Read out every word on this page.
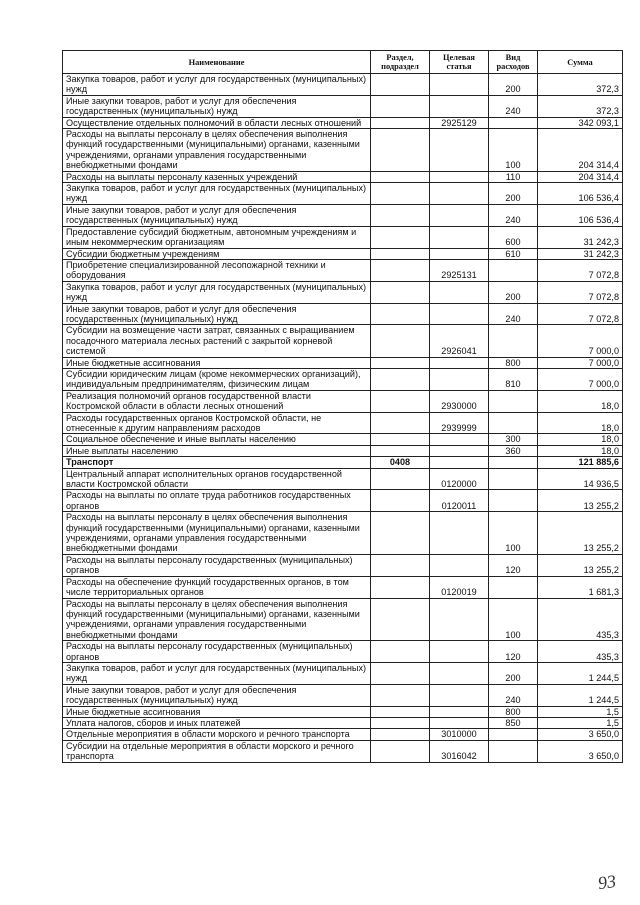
Наименование	Раздел, подраздел	Целевая статья	Вид расходов	Сумма
Закупка товаров, работ и услуг для государственных (муниципальных) нужд			200	372,3
Иные закупки товаров, работ и услуг для обеспечения государственных (муниципальных) нужд			240	372,3
Осуществление отдельных полномочий в области лесных отношений		2925129		342 093,1
Расходы на выплаты персоналу в целях обеспечения выполнения функций государственными (муниципальными) органами, казенными учреждениями, органами управления государственными внебюджетными фондами			100	204 314,4
Расходы на выплаты персоналу казенных учреждений			110	204 314,4
Закупка товаров, работ и услуг для государственных (муниципальных) нужд			200	106 536,4
Иные закупки товаров, работ и услуг для обеспечения государственных (муниципальных) нужд			240	106 536,4
Предоставление субсидий бюджетным, автономным учреждениям и иным некоммерческим организациям			600	31 242,3
Субсидии бюджетным учреждениям			610	31 242,3
Приобретение специализированной лесопожарной техники и оборудования		2925131		7 072,8
Закупка товаров, работ и услуг для государственных (муниципальных) нужд			200	7 072,8
Иные закупки товаров, работ и услуг для обеспечения государственных (муниципальных) нужд			240	7 072,8
Субсидии на возмещение части затрат, связанных с выращиванием посадочного материала лесных растений с закрытой корневой системой		2926041		7 000,0
Иные бюджетные ассигнования			800	7 000,0
Субсидии юридическим лицам (кроме некоммерческих организаций), индивидуальным предпринимателям, физическим лицам			810	7 000,0
Реализация полномочий органов государственной власти Костромской области в области лесных отношений		2930000		18,0
Расходы государственных органов Костромской области, не отнесенные к другим направлениям расходов		2939999		18,0
Социальное обеспечение и иные выплаты населению			300	18,0
Иные выплаты населению			360	18,0
Транспорт	0408			121 885,6
Центральный аппарат исполнительных органов государственной власти Костромской области		0120000		14 936,5
Расходы на выплаты по оплате труда работников государственных органов		0120011		13 255,2
Расходы на выплаты персоналу в целях обеспечения выполнения функций государственными (муниципальными) органами, казенными учреждениями, органами управления государственными внебюджетными фондами			100	13 255,2
Расходы на выплаты персоналу государственных (муниципальных) органов			120	13 255,2
Расходы на обеспечение функций государственных органов, в том числе территориальных органов		0120019		1 681,3
Расходы на выплаты персоналу в целях обеспечения выполнения функций государственными (муниципальными) органами, казенными учреждениями, органами управления государственными внебюджетными фондами			100	435,3
Расходы на выплаты персоналу государственных (муниципальных) органов			120	435,3
Закупка товаров, работ и услуг для государственных (муниципальных) нужд			200	1 244,5
Иные закупки товаров, работ и услуг для обеспечения государственных (муниципальных) нужд			240	1 244,5
Иные бюджетные ассигнования			800	1,5
Уплата налогов, сборов и иных платежей			850	1,5
Отдельные мероприятия в области морского и речного транспорта		3010000		3 650,0
Субсидии на отдельные мероприятия в области морского и речного транспорта		3016042		3 650,0
93
